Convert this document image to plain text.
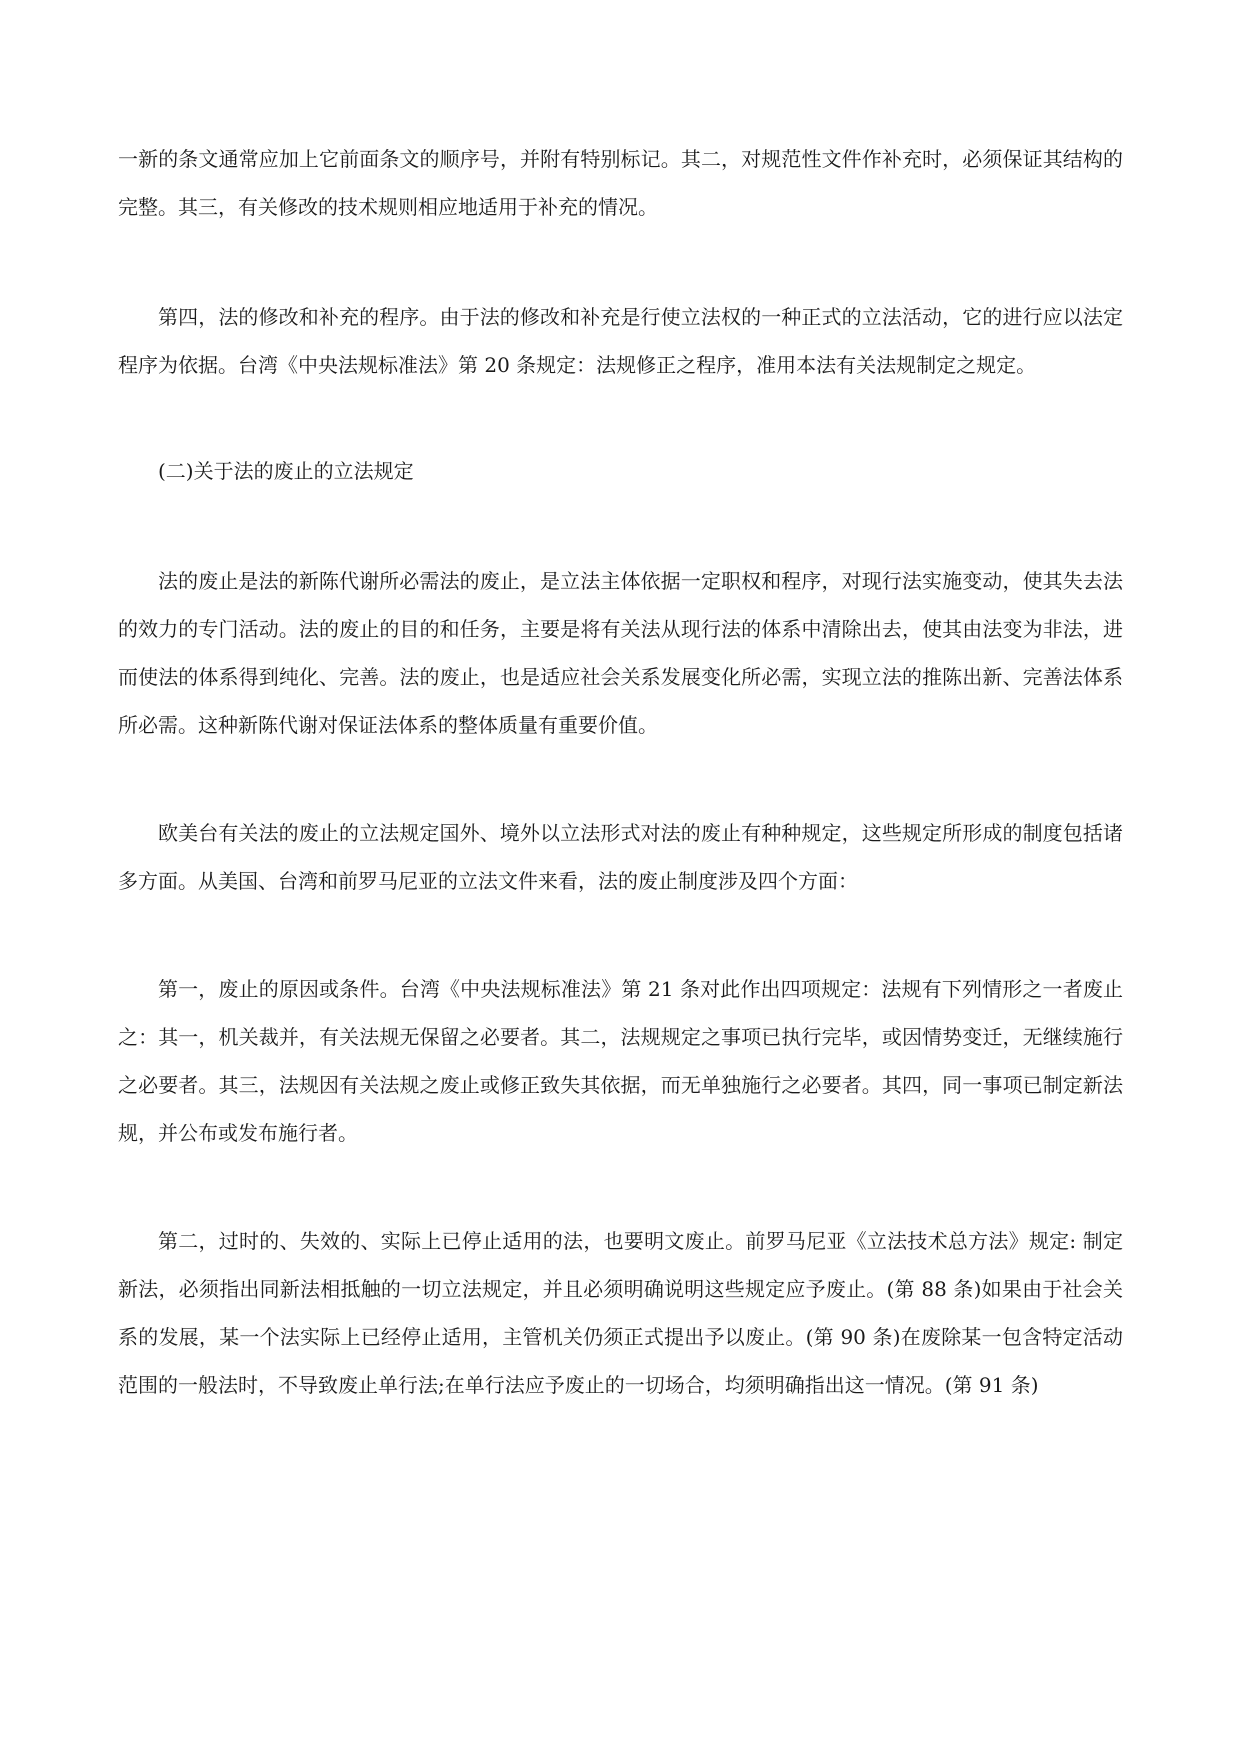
一新的条文通常应加上它前面条文的顺序号，并附有特别标记。其二，对规范性文件作补充时，必须保证其结构的完整。其三，有关修改的技术规则相应地适用于补充的情况。

第四，法的修改和补充的程序。由于法的修改和补充是行使立法权的一种正式的立法活动，它的进行应以法定程序为依据。台湾《中央法规标准法》第 20 条规定：法规修正之程序，准用本法有关法规制定之规定。

(二)关于法的废止的立法规定

法的废止是法的新陈代谢所必需法的废止，是立法主体依据一定职权和程序，对现行法实施变动，使其失去法的效力的专门活动。法的废止的目的和任务，主要是将有关法从现行法的体系中清除出去，使其由法变为非法，进而使法的体系得到纯化、完善。法的废止，也是适应社会关系发展变化所必需，实现立法的推陈出新、完善法体系所必需。这种新陈代谢对保证法体系的整体质量有重要价值。

欧美台有关法的废止的立法规定国外、境外以立法形式对法的废止有种种规定，这些规定所形成的制度包括诸多方面。从美国、台湾和前罗马尼亚的立法文件来看，法的废止制度涉及四个方面：

第一，废止的原因或条件。台湾《中央法规标准法》第 21 条对此作出四项规定：法规有下列情形之一者废止之：其一，机关裁并，有关法规无保留之必要者。其二，法规规定之事项已执行完毕，或因情势变迁，无继续施行之必要者。其三，法规因有关法规之废止或修正致失其依据，而无单独施行之必要者。其四，同一事项已制定新法规，并公布或发布施行者。

第二，过时的、失效的、实际上已停止适用的法，也要明文废止。前罗马尼亚《立法技术总方法》规定: 制定新法，必须指出同新法相抵触的一切立法规定，并且必须明确说明这些规定应予废止。(第 88 条)如果由于社会关系的发展，某一个法实际上已经停止适用，主管机关仍须正式提出予以废止。(第 90 条)在废除某一包含特定活动范围的一般法时，不导致废止单行法;在单行法应予废止的一切场合，均须明确指出这一情况。(第 91 条)
